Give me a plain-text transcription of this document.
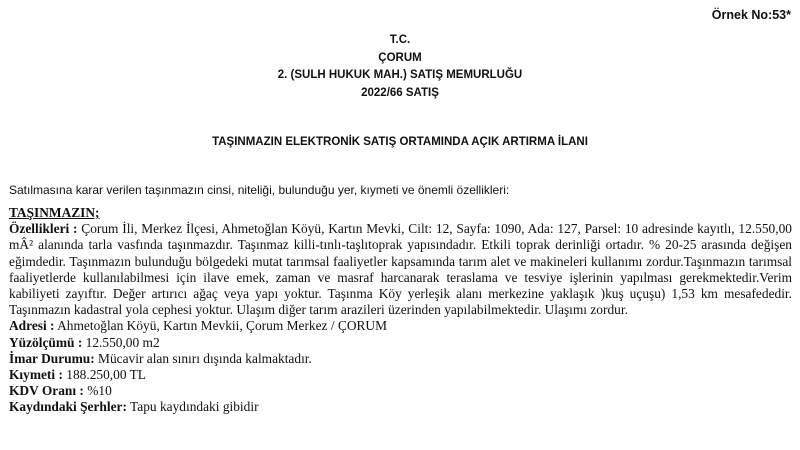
Örnek No:53*
T.C.
ÇORUM
2. (SULH HUKUK MAH.) SATIŞ MEMURLUĞU
2022/66 SATIŞ
TAŞINMAZIN ELEKTRONİK SATIŞ ORTAMINDA AÇIK ARTIRMA İLANI
Satılmasına karar verilen taşınmazın cinsi, niteliği, bulunduğu yer, kıymeti ve önemli özellikleri:
TAŞINMAZIN;
Özellikleri : Çorum İli, Merkez İlçesi, Ahmetoğlan Köyü, Kartın Mevki, Cilt: 12, Sayfa: 1090, Ada: 127, Parsel: 10 adresinde kayıtlı, 12.550,00 mÂ² alanında tarla vasfında taşınmazdır. Taşınmaz killi-tınlı-taşlıtoprak yapısındadır. Etkili toprak derinliği ortadır. % 20-25 arasında değişen eğimdedir. Taşınmazın bulunduğu bölgedeki mutat tarımsal faaliyetler kapsamında tarım alet ve makineleri kullanımı zordur.Taşınmazın tarımsal faaliyetlerde kullanılabilmesi için ilave emek, zaman ve masraf harcanarak teraslama ve tesviye işlerinin yapılması gerekmektedir.Verim kabiliyeti zayıftır. Değer artırıcı ağaç veya yapı yoktur. Taşınma Köy yerleşik alanı merkezine yaklaşık )kuş uçuşu) 1,53 km mesafededir. Taşınmazın kadastral yola cephesi yoktur. Ulaşım diğer tarım arazileri üzerinden yapılabilmektedir. Ulaşımı zordur.
Adresi : Ahmetoğlan Köyü, Kartın Mevkii, Çorum Merkez / ÇORUM
Yüzölçümü : 12.550,00 m2
İmar Durumu: Mücavir alan sınırı dışında kalmaktadır.
Kıymeti : 188.250,00 TL
KDV Oranı : %10
Kaydındaki Şerhler: Tapu kaydındaki gibidir
